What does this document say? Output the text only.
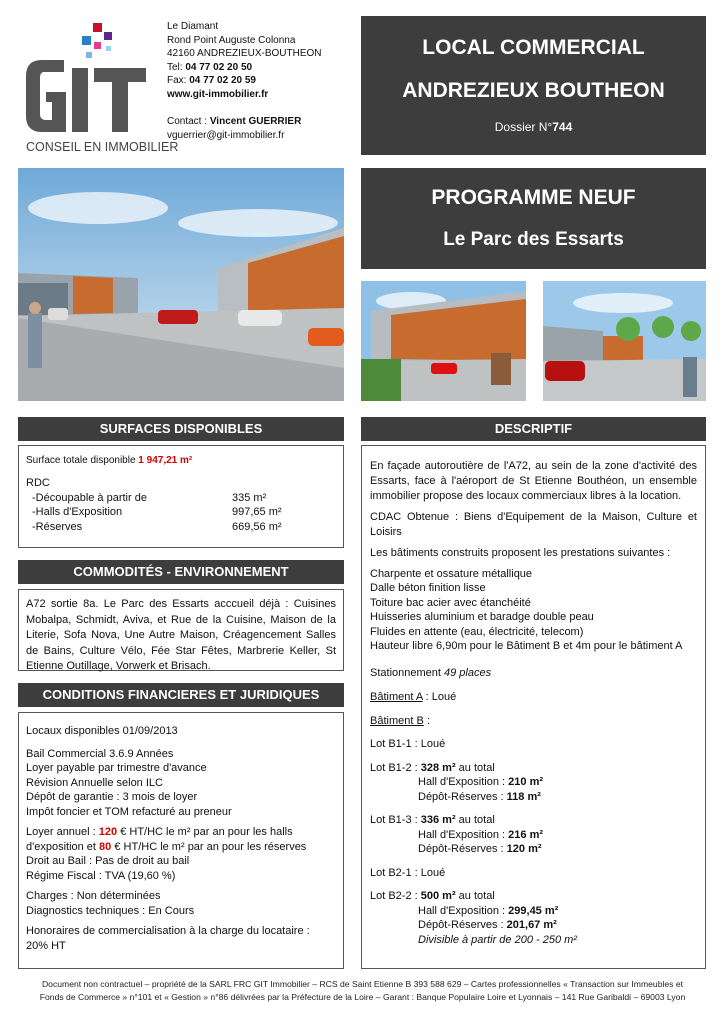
CONSEIL EN IMMOBILIER
Le Diamant
Rond Point Auguste Colonna
42160 ANDREZIEUX-BOUTHEON
Tel: 04 77 02 20 50
Fax: 04 77 02 20 59
www.git-immobilier.fr
Contact : Vincent GUERRIER
vguerrier@git-immobilier.fr
LOCAL COMMERCIAL
ANDREZIEUX BOUTHEON
Dossier N°744
PROGRAMME NEUF
Le Parc des Essarts
SURFACES DISPONIBLES
Surface totale disponible 1 947,21 m²
RDC
-Découpable à partir de	335 m²
-Halls d'Exposition	997,65 m²
-Réserves	669,56 m²
COMMODITÉS - ENVIRONNEMENT

A72 sortie 8a. Le Parc des Essarts acccueil déjà : Cuisines Mobalpa, Schmidt, Aviva, et Rue de la Cuisine, Maison de la Literie, Sofa Nova, Une Autre Maison, Créagencement Salles de Bains, Culture Vélo, Fée Star Fêtes, Marbrerie Keller, St Etienne Outillage, Vorwerk et Brisach.

CONDITIONS FINANCIERES ET JURIDIQUES

Locaux disponibles 01/09/2013

Bail Commercial 3.6.9 Années

Loyer payable par trimestre d'avance

Révision Annuelle selon ILC

Dépôt de garantie : 3 mois de loyer

Impôt foncier et TOM refacturé au preneur

Loyer annuel : 120 € HT/HC le m² par an pour les halls

d'exposition et 80 € HT/HC le m² par an pour les réserves

Droit au Bail : Pas de droit au bail

Régime Fiscal : TVA (19,60 %)

Charges : Non déterminées

Diagnostics techniques : En Cours

Honoraires de commercialisation à la charge du locataire :

20% HT

DESCRIPTIF

En façade autoroutière de l'A72, au sein de la zone d'activité des Essarts, face à l'aéroport de St Etienne Bouthéon, un ensemble immobilier propose des locaux commerciaux libres à la location.

CDAC Obtenue : Biens d'Equipement de la Maison, Culture et Loisirs

Les bâtiments construits proposent les prestations suivantes :

Charpente et ossature métallique

Dalle béton finition lisse

Toiture bac acier avec étanchéité

Huisseries aluminium et baradge double peau

Fluides en attente (eau, électricité, telecom)

Hauteur libre 6,90m pour le Bâtiment B et 4m pour le bâtiment A

Stationnement 49 places

Bâtiment A : Loué

Bâtiment B :

Lot B1-1 : Loué

Lot B1-2 : 328 m² au total

Hall d'Exposition : 210 m²

Dépôt-Réserves : 118 m²

Lot B1-3 : 336 m² au total

Hall d'Exposition : 216 m²

Dépôt-Réserves : 120 m²

Lot B2-1 : Loué

Lot B2-2 : 500 m² au total

Hall d'Exposition : 299,45 m²

Dépôt-Réserves : 201,67 m²

Divisible à partir de 200 - 250 m²

Document non contractuel – propriété de la SARL FRC GIT Immobilier – RCS de Saint Etienne B 393 588 629 – Cartes professionnelles « Transaction sur Immeubles et
Fonds de Commerce » n°101 et « Gestion » n°86 délivrées par la Préfecture de la Loire – Garant : Banque Populaire Loire et Lyonnais – 141 Rue Garibaldi – 69003 Lyon
